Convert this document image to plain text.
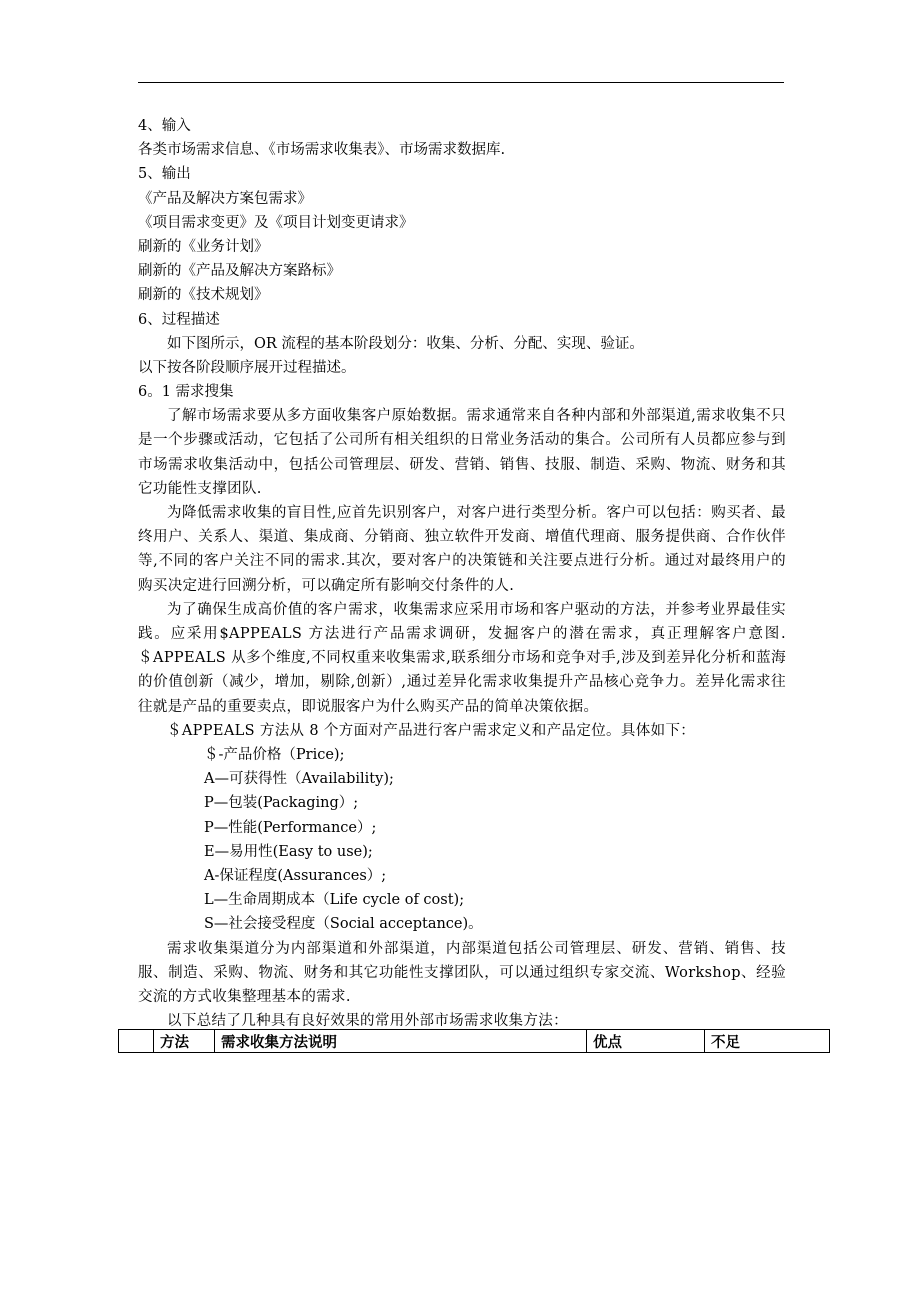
4、输入
各类市场需求信息、《市场需求收集表》、市场需求数据库.
5、输出
《产品及解决方案包需求》
《项目需求变更》及《项目计划变更请求》
刷新的《业务计划》
刷新的《产品及解决方案路标》
刷新的《技术规划》
6、过程描述
如下图所示，OR 流程的基本阶段划分：收集、分析、分配、实现、验证。
以下按各阶段顺序展开过程描述。
6。1 需求搜集

了解市场需求要从多方面收集客户原始数据。需求通常来自各种内部和外部渠道,需求收集不只是一个步骤或活动，它包括了公司所有相关组织的日常业务活动的集合。公司所有人员都应参与到市场需求收集活动中，包括公司管理层、研发、营销、销售、技服、制造、采购、物流、财务和其它功能性支撑团队.

为降低需求收集的盲目性,应首先识别客户，对客户进行类型分析。客户可以包括：购买者、最终用户、关系人、渠道、集成商、分销商、独立软件开发商、增值代理商、服务提供商、合作伙伴等,不同的客户关注不同的需求.其次，要对客户的决策链和关注要点进行分析。通过对最终用户的购买决定进行回溯分析，可以确定所有影响交付条件的人.

为了确保生成高价值的客户需求，收集需求应采用市场和客户驱动的方法，并参考业界最佳实践。应采用$APPEALS 方法进行产品需求调研，发掘客户的潜在需求，真正理解客户意图.＄APPEALS 从多个维度,不同权重来收集需求,联系细分市场和竞争对手,涉及到差异化分析和蓝海的价值创新（减少，增加，剔除,创新）,通过差异化需求收集提升产品核心竞争力。差异化需求往往就是产品的重要卖点，即说服客户为什么购买产品的简单决策依据。

＄APPEALS 方法从 8 个方面对产品进行客户需求定义和产品定位。具体如下：

＄-产品价格（Price);
A—可获得性（Availability);
P—包装(Packaging）;
P—性能(Performance）;
E—易用性(Easy to use);
A-保证程度(Assurances）;
L—生命周期成本（Life cycle of cost);
S—社会接受程度（Social acceptance)。

需求收集渠道分为内部渠道和外部渠道，内部渠道包括公司管理层、研发、营销、销售、技服、制造、采购、物流、财务和其它功能性支撑团队，可以通过组织专家交流、Workshop、经验交流的方式收集整理基本的需求.

以下总结了几种具有良好效果的常用外部市场需求收集方法：

	方法	需求收集方法说明	优点	不足
